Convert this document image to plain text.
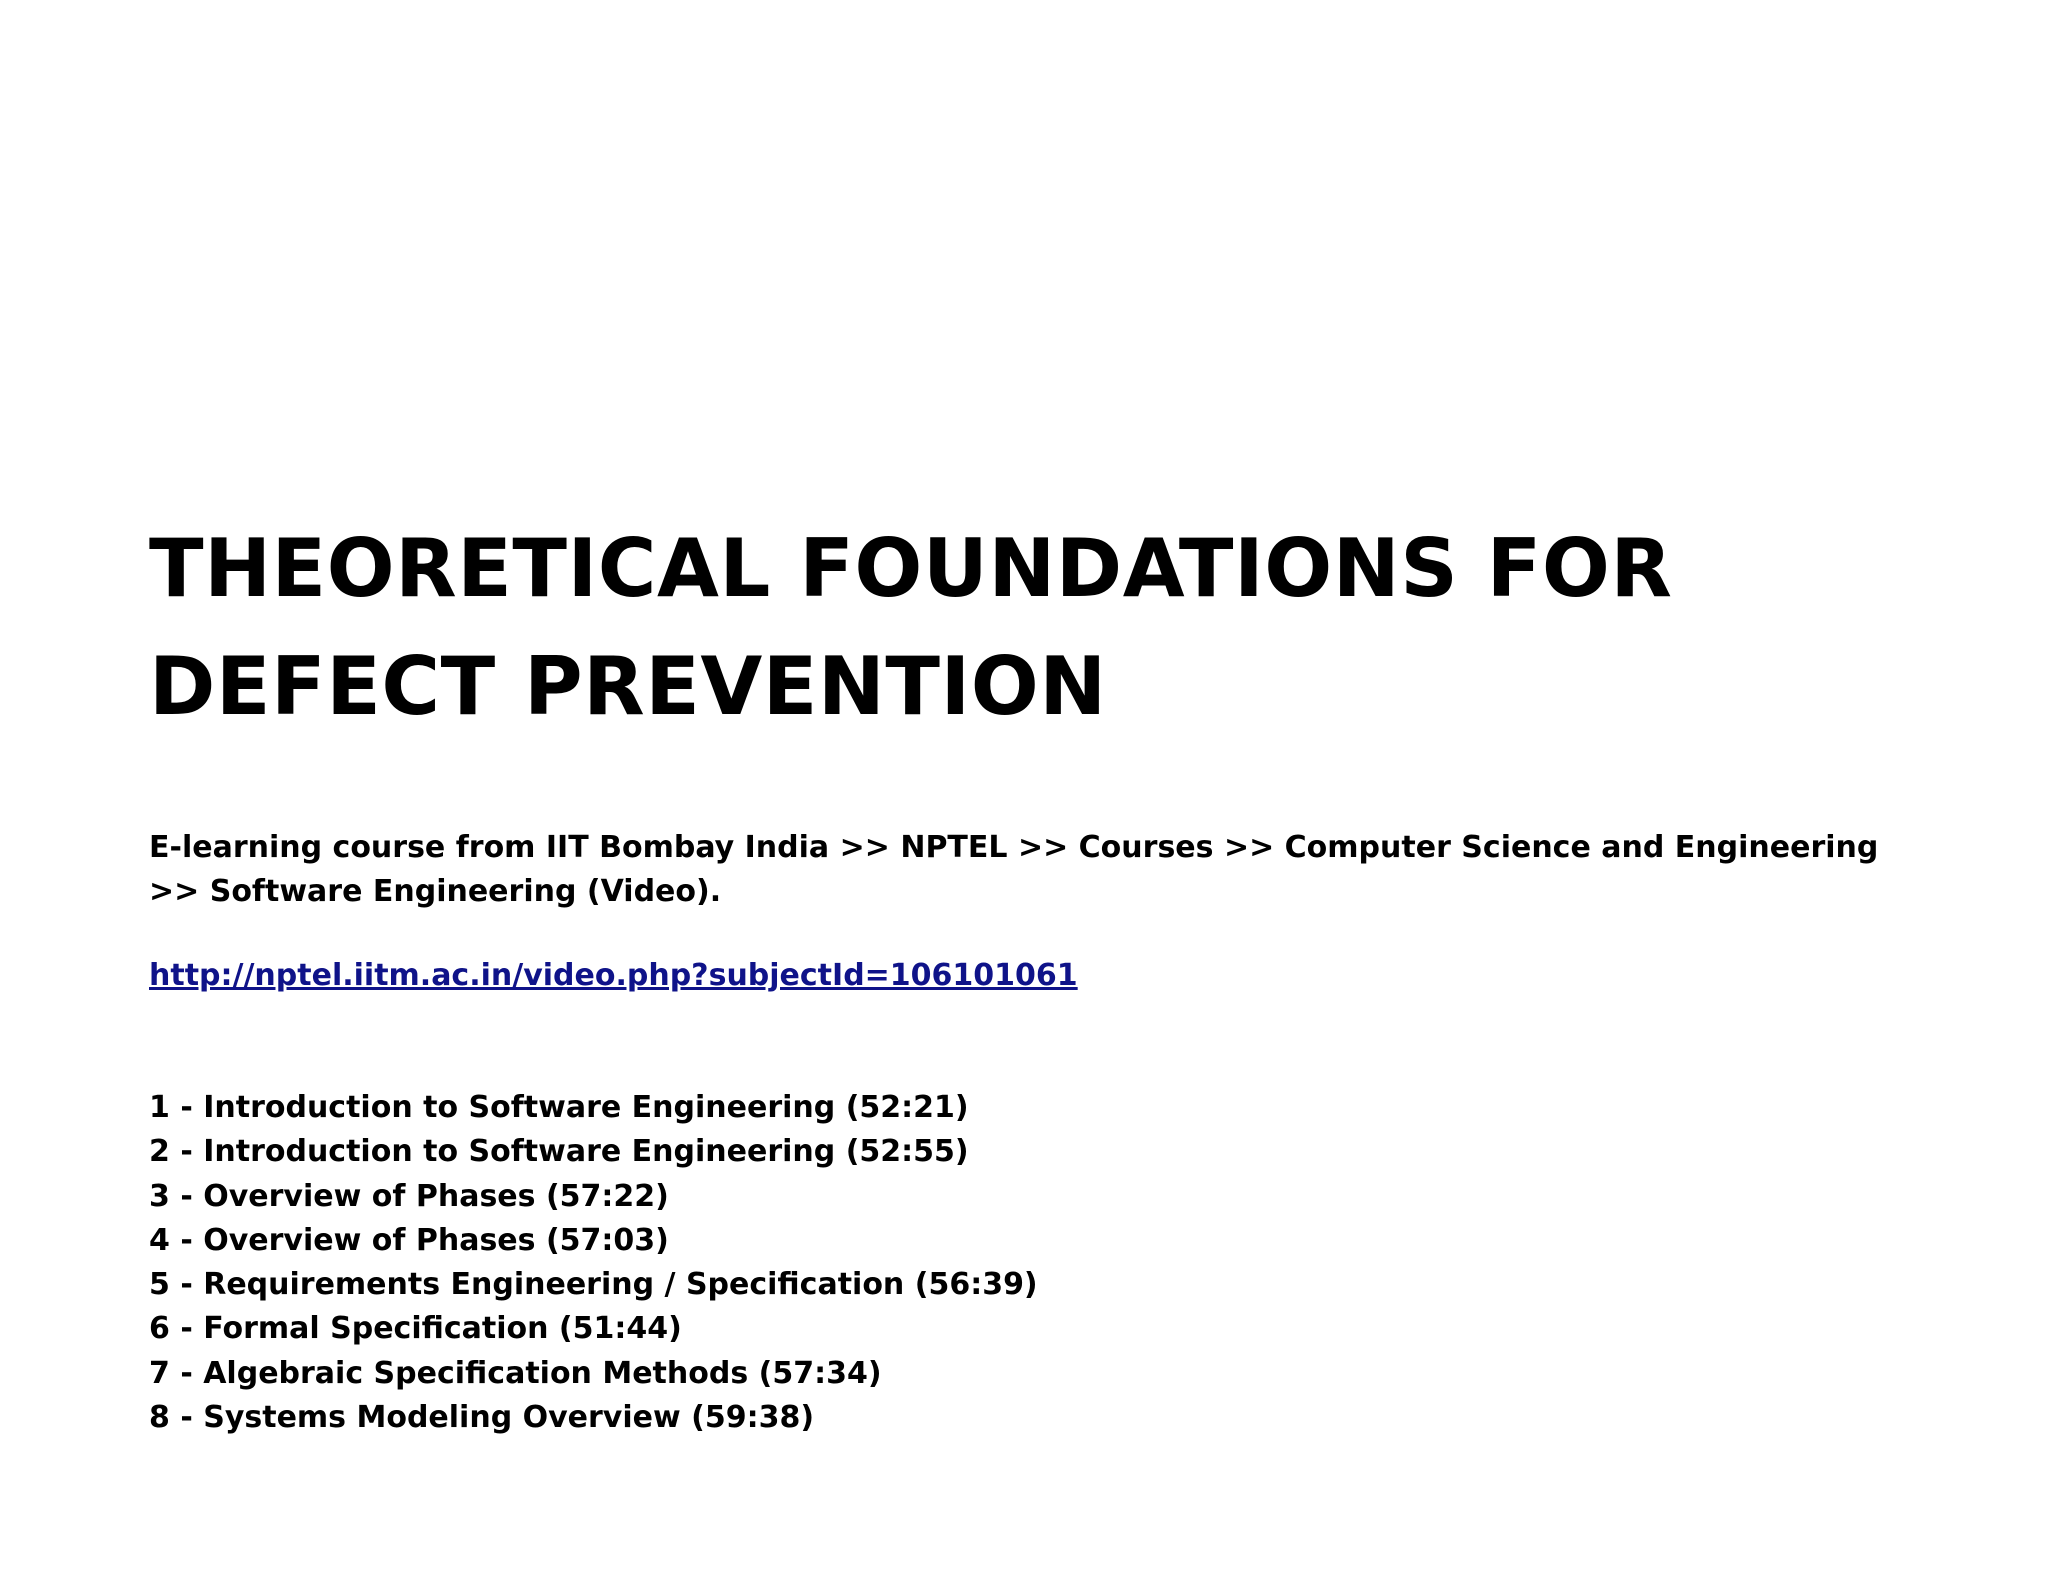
THEORETICAL FOUNDATIONS FOR
DEFECT PREVENTION

E-learning course from IIT Bombay India >> NPTEL >> Courses >> Computer Science and Engineering
>> Software Engineering (Video).

http://nptel.iitm.ac.in/video.php?subjectId=106101061
1 - Introduction to Software Engineering (52:21)
2 - Introduction to Software Engineering (52:55)
3 - Overview of Phases (57:22)
4 - Overview of Phases (57:03)
5 - Requirements Engineering / Specification (56:39)
6 - Formal Specification (51:44)
7 - Algebraic Specification Methods (57:34)
8 - Systems Modeling Overview (59:38)
